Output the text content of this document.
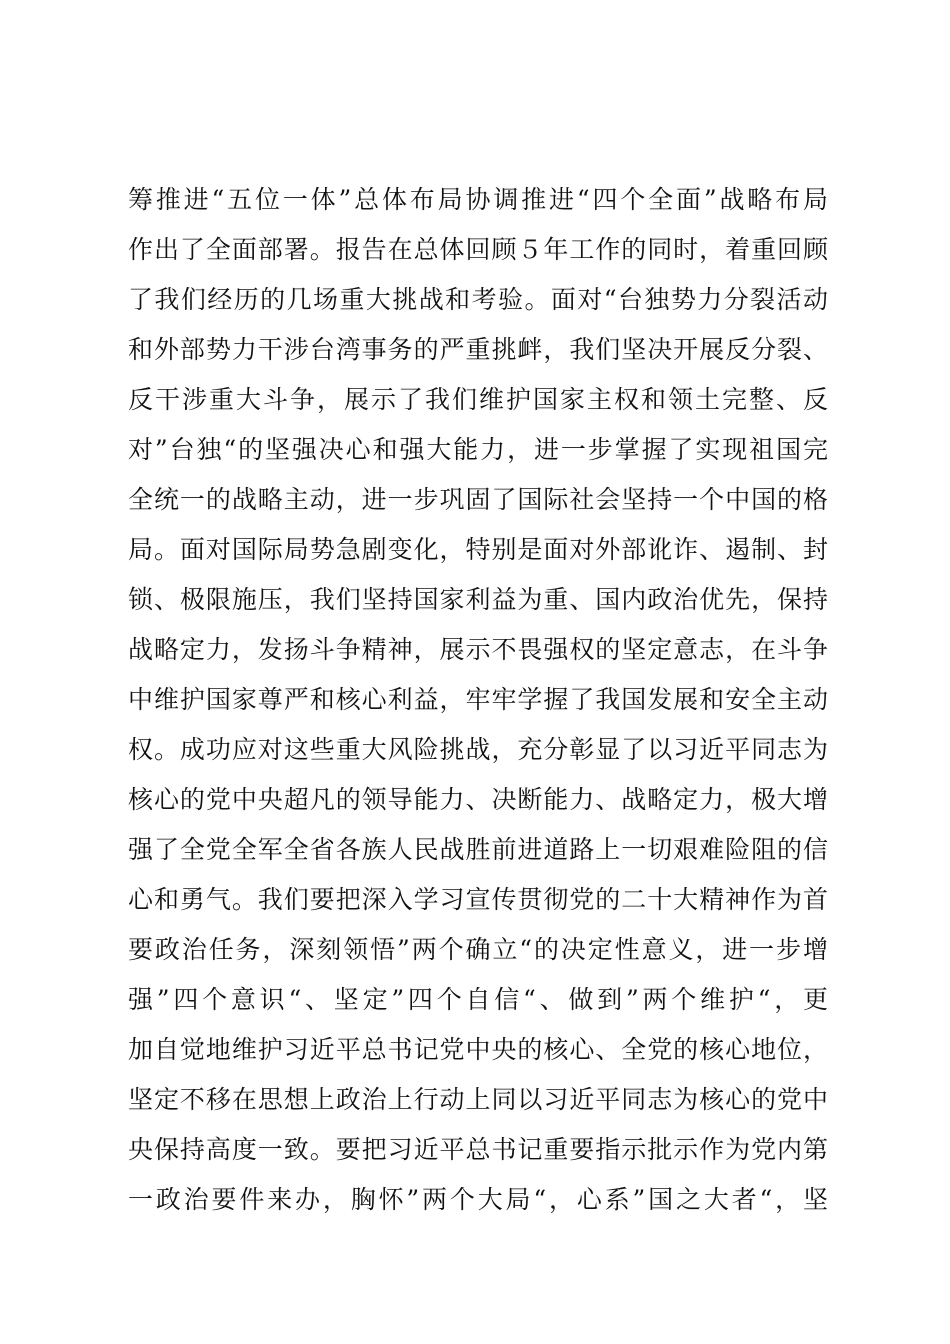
筹推进“五位一体”总体布局协调推进“四个全面”战略布局
作出了全面部署。报告在总体回顾５年工作的同时，着重回顾
了我们经历的几场重大挑战和考验。面对“台独势力分裂活动
和外部势力干涉台湾事务的严重挑衅，我们坚决开展反分裂、
反干涉重大斗争，展示了我们维护国家主权和领土完整、反
对”台独“的坚强决心和强大能力，进一步掌握了实现祖国完
全统一的战略主动，进一步巩固了国际社会坚持一个中国的格
局。面对国际局势急剧变化，特别是面对外部讹诈、遏制、封
锁、极限施压，我们坚持国家利益为重、国内政治优先，保持
战略定力，发扬斗争精神，展示不畏强权的坚定意志，在斗争
中维护国家尊严和核心利益，牢牢学握了我国发展和安全主动
权。成功应对这些重大风险挑战，充分彰显了以习近平同志为
核心的党中央超凡的领导能力、决断能力、战略定力，极大增
强了全党全军全省各族人民战胜前进道路上一切艰难险阻的信
心和勇气。我们要把深入学习宣传贯彻党的二十大精神作为首
要政治任务，深刻领悟”两个确立“的决定性意义，进一步增
强”四个意识“、坚定”四个自信“、做到”两个维护“，更
加自觉地维护习近平总书记党中央的核心、全党的核心地位，
坚定不移在思想上政治上行动上同以习近平同志为核心的党中
央保持高度一致。要把习近平总书记重要指示批示作为党内第
一政治要件来办，胸怀”两个大局“，心系”国之大者“，坚
